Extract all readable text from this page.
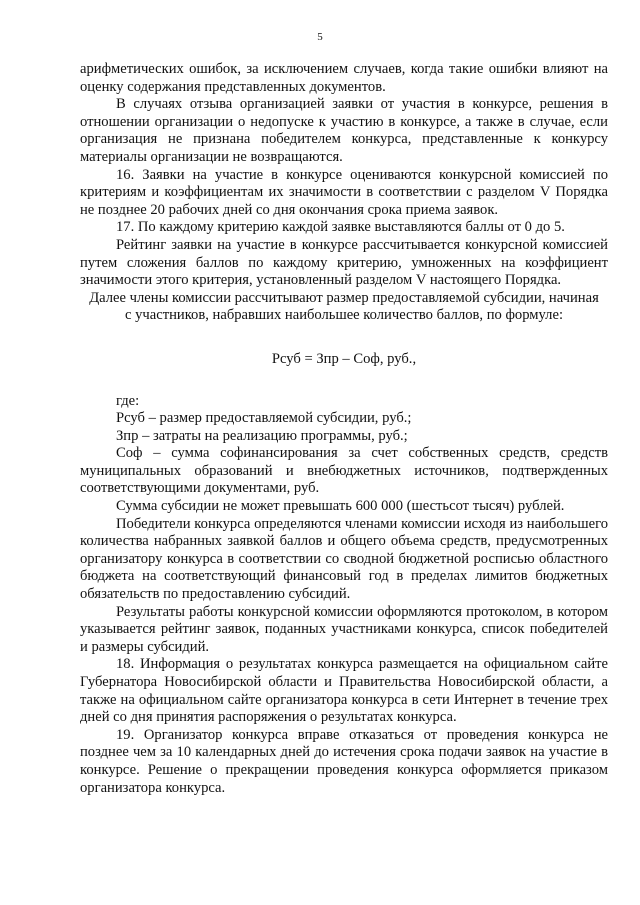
5

арифметических ошибок, за исключением случаев, когда такие ошибки влияют на оценку содержания представленных документов.

В случаях отзыва организацией заявки от участия в конкурсе, решения в отношении организации о недопуске к участию в конкурсе, а также в случае, если организация не признана победителем конкурса, представленные к конкурсу материалы организации не возвращаются.

16. Заявки на участие в конкурсе оцениваются конкурсной комиссией по критериям и коэффициентам их значимости в соответствии с разделом V Порядка не позднее 20 рабочих дней со дня окончания срока приема заявок.

17. По каждому критерию каждой заявке выставляются баллы от 0 до 5.

Рейтинг заявки на участие в конкурсе рассчитывается конкурсной комиссией путем сложения баллов по каждому критерию, умноженных на коэффициент значимости этого критерия, установленный разделом V настоящего Порядка.

Далее члены комиссии рассчитывают размер предоставляемой субсидии, начиная с участников, набравших наибольшее количество баллов, по формуле:

Рсуб = Зпр – Соф, руб.,

где:

Рсуб – размер предоставляемой субсидии, руб.;

Зпр – затраты на реализацию программы, руб.;

Соф – сумма софинансирования за счет собственных средств, средств муниципальных образований и внебюджетных источников, подтвержденных соответствующими документами, руб.

Сумма субсидии не может превышать 600 000 (шестьсот тысяч) рублей.

Победители конкурса определяются членами комиссии исходя из наибольшего количества набранных заявкой баллов и общего объема средств, предусмотренных организатору конкурса в соответствии со сводной бюджетной росписью областного бюджета на соответствующий финансовый год в пределах лимитов бюджетных обязательств по предоставлению субсидий.

Результаты работы конкурсной комиссии оформляются протоколом, в котором указывается рейтинг заявок, поданных участниками конкурса, список победителей и размеры субсидий.

18. Информация о результатах конкурса размещается на официальном сайте Губернатора Новосибирской области и Правительства Новосибирской области, а также на официальном сайте организатора конкурса в сети Интернет в течение трех дней со дня принятия распоряжения о результатах конкурса.

19. Организатор конкурса вправе отказаться от проведения конкурса не позднее чем за 10 календарных дней до истечения срока подачи заявок на участие в конкурсе. Решение о прекращении проведения конкурса оформляется приказом организатора конкурса.
